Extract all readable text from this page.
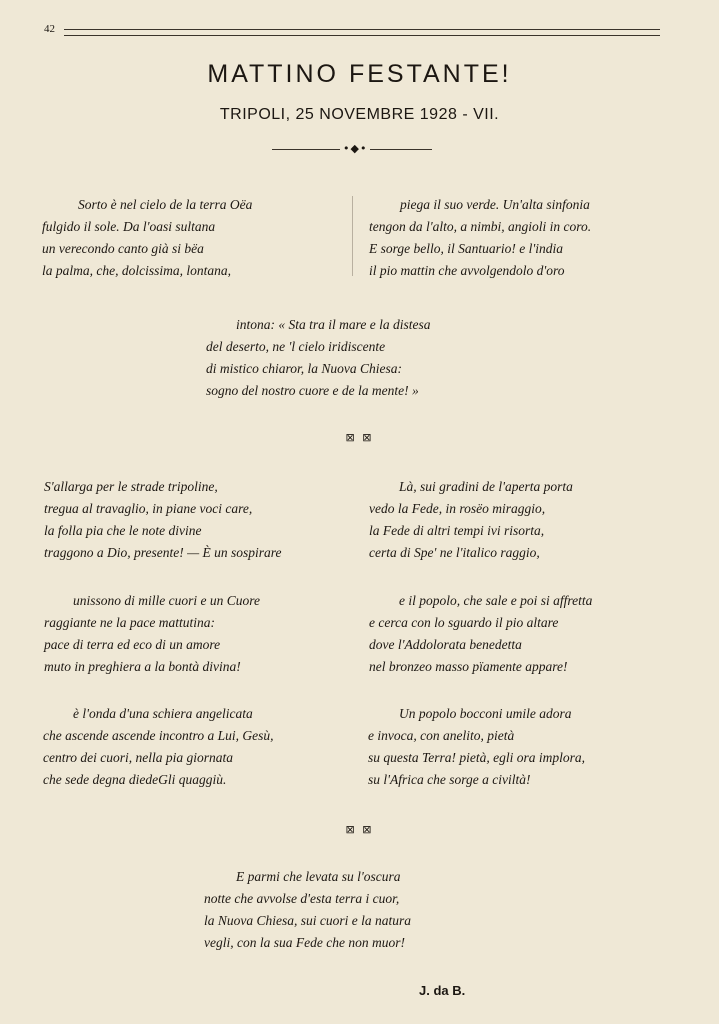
42
MATTINO FESTANTE!
TRIPOLI, 25 NOVEMBRE 1928 - VII.
•◆•
Sorto è nel cielo de la terra Oëa
fulgido il sole. Da l'oasi sultana
un verecondo canto già si bëa
la palma, che, dolcissima, lontana,
piega il suo verde. Un'alta sinfonia
tengon da l'alto, a nimbi, angioli in coro.
E sorge bello, il Santuario! e l'india
il pio mattin che avvolgendolo d'oro
intona: « Sta tra il mare e la distesa
del deserto, ne 'l cielo iridiscente
di mistico chiaror, la Nuova Chiesa:
sogno del nostro cuore e de la mente! »
⊠ ⊠
S'allarga per le strade tripoline,
tregua al travaglio, in piane voci care,
la folla pia che le note divine
traggono a Dio, presente! — È un sospirare
Là, sui gradini de l'aperta porta
vedo la Fede, in rosëo miraggio,
la Fede di altri tempi ivi risorta,
certa di Spe' ne l'italico raggio,
unissono di mille cuori e un Cuore
raggiante ne la pace mattutina:
pace di terra ed eco di un amore
muto in preghiera a la bontà divina!
e il popolo, che sale e poi si affretta
e cerca con lo sguardo il pio altare
dove l'Addolorata benedetta
nel bronzeo masso pïamente appare!
è l'onda d'una schiera angelicata
che ascende ascende incontro a Lui, Gesù,
centro dei cuori, nella pia giornata
che sede degna diedeGli quaggiù.
Un popolo bocconi umile adora
e invoca, con anelito, pietà
su questa Terra! pietà, egli ora implora,
su l'Africa che sorge a civiltà!
⊠ ⊠
E parmi che levata su l'oscura
notte che avvolse d'esta terra i cuor,
la Nuova Chiesa, sui cuori e la natura
vegli, con la sua Fede che non muor!
J. da B.
